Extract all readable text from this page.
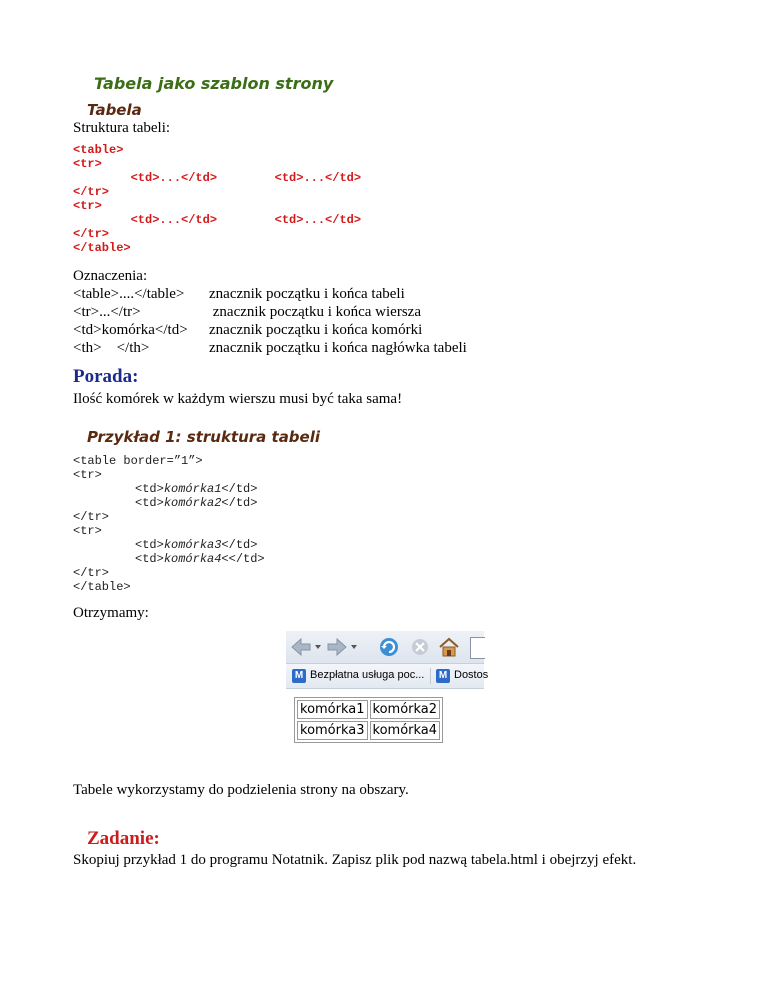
Tabela jako szablon strony
Tabela
Struktura tabeli:
<table>
<tr>
<td>...</td>        <td>...</td>
</tr>
<tr>
<td>...</td>        <td>...</td>
</tr>
</table>
Oznaczenia:
<table>....</table> znacznik początku i końca tabeli
<tr>...</tr>	znacznik początku i końca wiersza
<td>komórka</td> znacznik początku i końca komórki
<th>    </th>	znacznik początku i końca nagłówka tabeli
Porada:
Ilość komórek w każdym wierszu musi być taka sama!
Przykład 1: struktura tabeli
<table border=”1”>
<tr>
<td>komórka1</td>
<td>komórka2</td>
</tr>
<tr>
<td>komórka3</td>
<td>komórka4<</td>
</tr>
</table>
Otrzymamy:
M Bezpłatna usługa poc... M Dostos
komórka1	komórka2
komórka3	komórka4
Tabele wykorzystamy do podzielenia strony na obszary.
Zadanie:
Skopiuj przykład 1 do programu Notatnik. Zapisz plik pod nazwą tabela.html i obejrzyj efekt.
